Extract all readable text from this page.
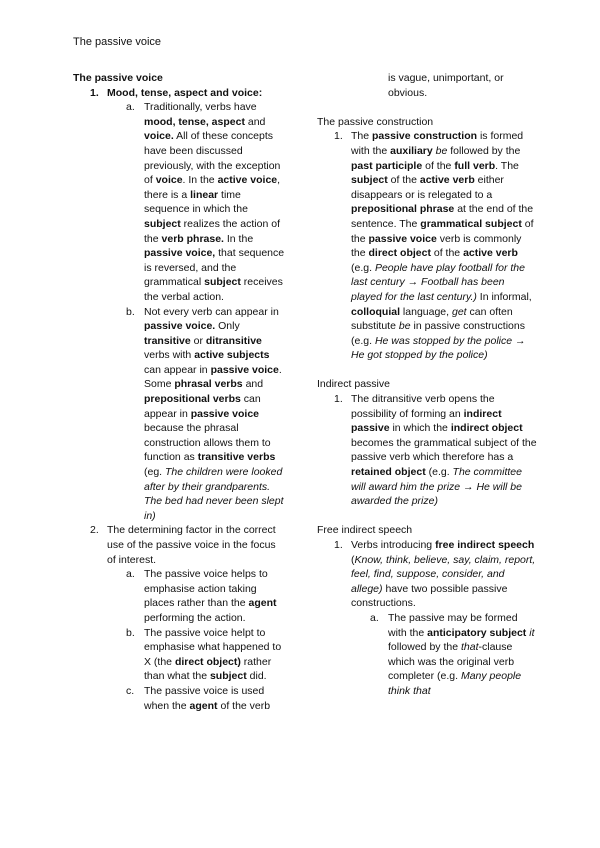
The passive voice
The passive voice
1. Mood, tense, aspect and voice:
a. Traditionally, verbs have mood, tense, aspect and voice. All of these concepts have been discussed previously, with the exception of voice. In the active voice, there is a linear time sequence in which the subject realizes the action of the verb phrase. In the passive voice, that sequence is reversed, and the grammatical subject receives the verbal action.
b. Not every verb can appear in passive voice. Only transitive or ditransitive verbs with active subjects can appear in passive voice. Some phrasal verbs and prepositional verbs can appear in passive voice because the phrasal construction allows them to function as transitive verbs (eg. The children were looked after by their grandparents. The bed had never been slept in)
2. The determining factor in the correct use of the passive voice in the focus of interest.
a. The passive voice helps to emphasise action taking places rather than the agent performing the action.
b. The passive voice helpt to emphasise what happened to X (the direct object) rather than what the subject did.
c. The passive voice is used when the agent of the verb
is vague, unimportant, or obvious.
The passive construction
1. The passive construction is formed with the auxiliary be followed by the past participle of the full verb. The subject of the active verb either disappears or is relegated to a prepositional phrase at the end of the sentence. The grammatical subject of the passive voice verb is commonly the direct object of the active verb (e.g. People have play football for the last century → Football has been played for the last century.) In informal, colloquial language, get can often substitute be in passive constructions (e.g. He was stopped by the police → He got stopped by the police)
Indirect passive
1. The ditransitive verb opens the possibility of forming an indirect passive in which the indirect object becomes the grammatical subject of the passive verb which therefore has a retained object (e.g. The committee will award him the prize → He will be awarded the prize)
Free indirect speech
1. Verbs introducing free indirect speech (Know, think, believe, say, claim, report, feel, find, suppose, consider, and allege) have two possible passive constructions.
a. The passive may be formed with the anticipatory subject it followed by the that-clause which was the original verb completer (e.g. Many people think that
